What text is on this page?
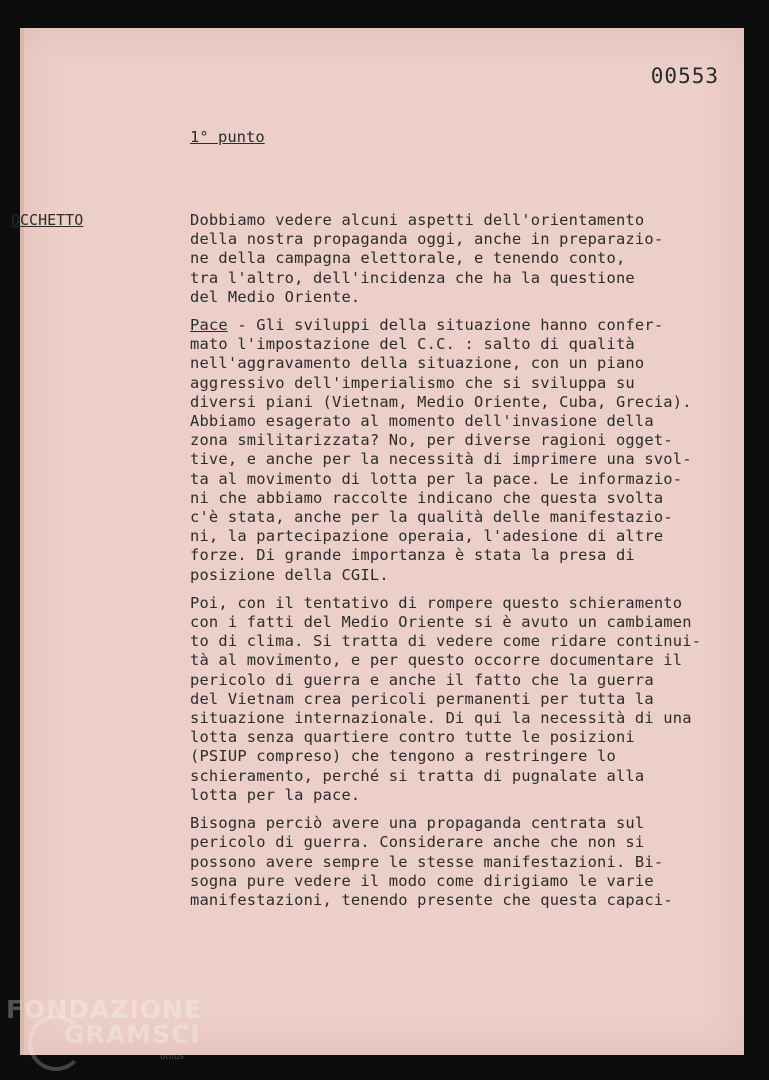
00553
1° punto
OCCHETTO	Dobbiamo vedere alcuni aspetti dell'orientamento
della nostra propaganda oggi, anche in preparazio-
ne della campagna elettorale, e tenendo conto,
tra l'altro, dell'incidenza che ha la questione
del Medio Oriente.
Pace - Gli sviluppi della situazione hanno confer-
mato l'impostazione del C.C. : salto di qualità
nell'aggravamento della situazione, con un piano
aggressivo dell'imperialismo che si sviluppa su
diversi piani (Vietnam, Medio Oriente, Cuba, Grecia).
Abbiamo esagerato al momento dell'invasione della
zona smilitarizzata? No, per diverse ragioni ogget-
tive, e anche per la necessità di imprimere una svol-
ta al movimento di lotta per la pace. Le informazio-
ni che abbiamo raccolte indicano che questa svolta
c'è stata, anche per la qualità delle manifestazio-
ni, la partecipazione operaia, l'adesione di altre
forze. Di grande importanza è stata la presa di
posizione della CGIL.
Poi, con il tentativo di rompere questo schieramento
con i fatti del Medio Oriente si è avuto un cambiamen
to di clima. Si tratta di vedere come ridare continui-
tà al movimento, e per questo occorre documentare il
pericolo di guerra e anche il fatto che la guerra
del Vietnam crea pericoli permanenti per tutta la
situazione internazionale. Di qui la necessità di una
lotta senza quartiere contro tutte le posizioni
(PSIUP compreso) che tengono a restringere lo
schieramento, perché si tratta di pugnalate alla
lotta per la pace.
Bisogna perciò avere una propaganda centrata sul
pericolo di guerra. Considerare anche che non si
possono avere sempre le stesse manifestazioni. Bi-
sogna pure vedere il modo come dirigiamo le varie
manifestazioni, tenendo presente che questa capaci-
FONDAZIONE
GRAMSCI
onlus
